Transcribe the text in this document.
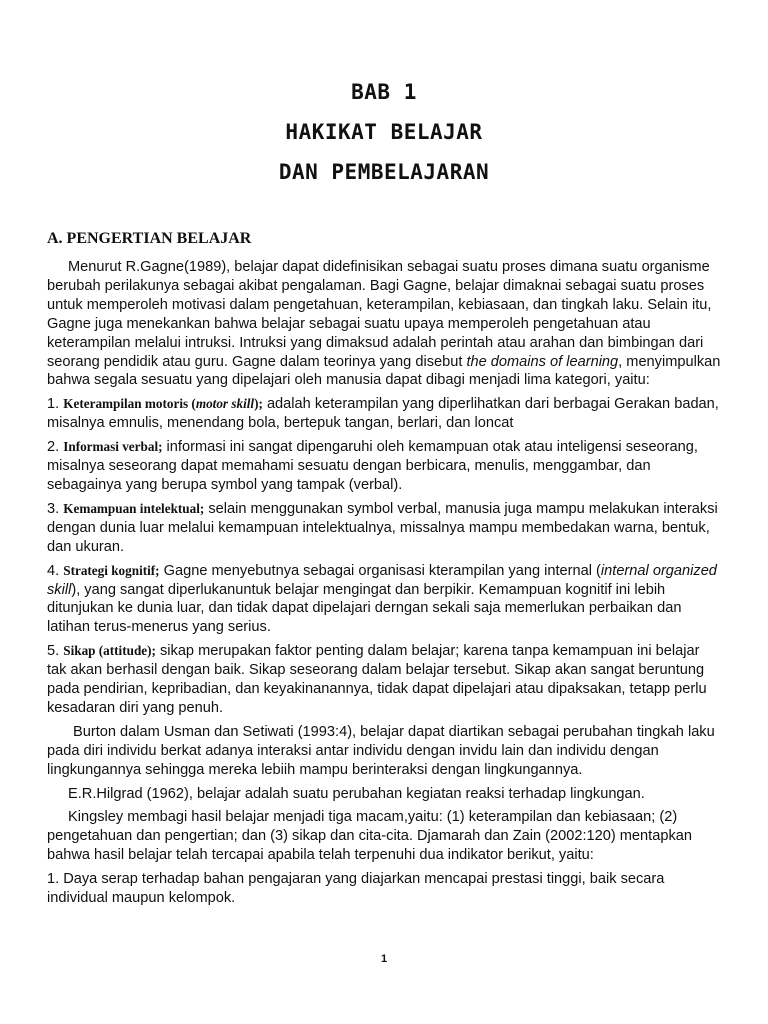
BAB 1
HAKIKAT BELAJAR
DAN PEMBELAJARAN
A. PENGERTIAN BELAJAR

Menurut R.Gagne(1989), belajar dapat didefinisikan sebagai suatu proses dimana suatu organisme berubah perilakunya sebagai akibat pengalaman. Bagi Gagne, belajar dimaknai sebagai suatu proses untuk memperoleh motivasi dalam pengetahuan, keterampilan, kebiasaan, dan tingkah laku. Selain itu, Gagne juga menekankan bahwa belajar sebagai suatu upaya memperoleh pengetahuan atau keterampilan melalui intruksi. Intruksi yang dimaksud adalah perintah atau arahan dan bimbingan dari seorang pendidik atau guru. Gagne dalam teorinya yang disebut the domains of learning, menyimpulkan bahwa segala sesuatu yang dipelajari oleh manusia dapat dibagi menjadi lima kategori, yaitu:

1. Keterampilan motoris (motor skill); adalah keterampilan yang diperlihatkan dari berbagai Gerakan badan, misalnya emnulis, menendang bola, bertepuk tangan, berlari, dan loncat

2. Informasi verbal; informasi ini sangat dipengaruhi oleh kemampuan otak atau inteligensi seseorang, misalnya seseorang dapat memahami sesuatu dengan berbicara, menulis, menggambar, dan sebagainya yang berupa symbol yang tampak (verbal).

3. Kemampuan intelektual; selain menggunakan symbol verbal, manusia juga mampu melakukan interaksi dengan dunia luar melalui kemampuan intelektualnya, missalnya mampu membedakan warna, bentuk, dan ukuran.

4. Strategi kognitif; Gagne menyebutnya sebagai organisasi kterampilan yang internal (internal organized skill), yang sangat diperlukanuntuk belajar mengingat dan berpikir. Kemampuan kognitif ini lebih ditunjukan ke dunia luar, dan tidak dapat dipelajari derngan sekali saja memerlukan perbaikan dan latihan terus-menerus yang serius.

5. Sikap (attitude); sikap merupakan faktor penting dalam belajar; karena tanpa kemampuan ini belajar tak akan berhasil dengan baik. Sikap seseorang dalam belajar tersebut. Sikap akan sangat beruntung pada pendirian, kepribadian, dan keyakinanannya, tidak dapat dipelajari atau dipaksakan, tetapp perlu kesadaran diri yang penuh.

Burton dalam Usman dan Setiwati (1993:4), belajar dapat diartikan sebagai perubahan tingkah laku pada diri individu berkat adanya interaksi antar individu dengan invidu lain dan individu dengan lingkungannya sehingga mereka lebiih mampu berinteraksi dengan lingkungannya.

E.R.Hilgrad (1962), belajar adalah suatu perubahan kegiatan reaksi terhadap lingkungan.

Kingsley membagi hasil belajar menjadi tiga macam,yaitu: (1) keterampilan dan kebiasaan; (2) pengetahuan dan pengertian; dan (3) sikap dan cita-cita. Djamarah dan Zain (2002:120) mentapkan bahwa hasil belajar telah tercapai apabila telah terpenuhi dua indikator berikut, yaitu:

1. Daya serap terhadap bahan pengajaran yang diajarkan mencapai prestasi tinggi, baik secara individual maupun kelompok.

1
